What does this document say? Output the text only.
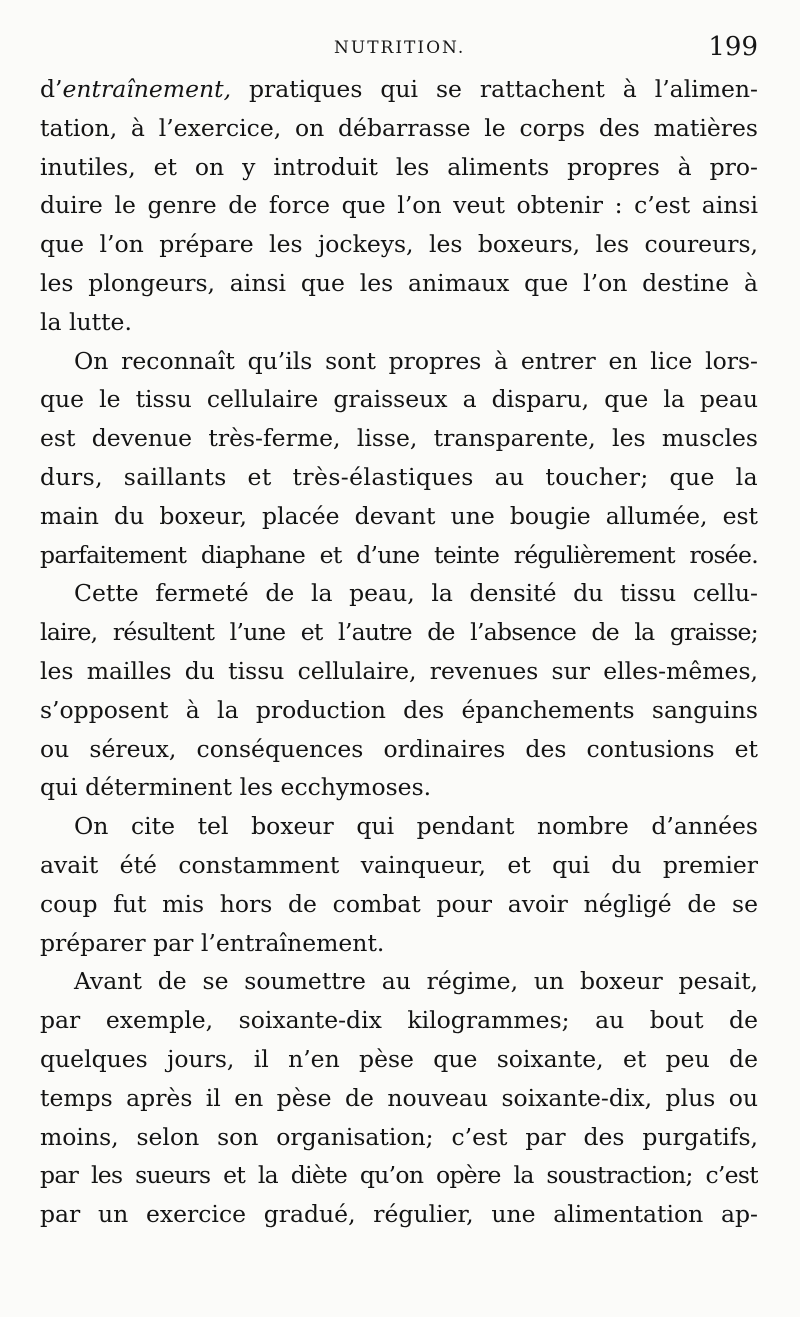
NUTRITION.	199
d’entraînement, pratiques qui se rattachent à l’alimen-
tation, à l’exercice, on débarrasse le corps des matières
inutiles, et on y introduit les aliments propres à pro-
duire le genre de force que l’on veut obtenir : c’est ainsi
que l’on prépare les jockeys, les boxeurs, les coureurs,
les plongeurs, ainsi que les animaux que l’on destine à
la lutte.
On reconnaît qu’ils sont propres à entrer en lice lors-
que le tissu cellulaire graisseux a disparu, que la peau
est devenue très-ferme, lisse, transparente, les muscles
durs, saillants et très-élastiques au toucher; que la
main du boxeur, placée devant une bougie allumée, est
parfaitement diaphane et d’une teinte régulièrement rosée.
Cette fermeté de la peau, la densité du tissu cellu-
laire, résultent l’une et l’autre de l’absence de la graisse;
les mailles du tissu cellulaire, revenues sur elles-mêmes,
s’opposent à la production des épanchements sanguins
ou séreux, conséquences ordinaires des contusions et
qui déterminent les ecchymoses.
On cite tel boxeur qui pendant nombre d’années
avait été constamment vainqueur, et qui du premier
coup fut mis hors de combat pour avoir négligé de se
préparer par l’entraînement.
Avant de se soumettre au régime, un boxeur pesait,
par exemple, soixante-dix kilogrammes; au bout de
quelques jours, il n’en pèse que soixante, et peu de
temps après il en pèse de nouveau soixante-dix, plus ou
moins, selon son organisation; c’est par des purgatifs,
par les sueurs et la diète qu’on opère la soustraction; c’est
par un exercice gradué, régulier, une alimentation ap-
